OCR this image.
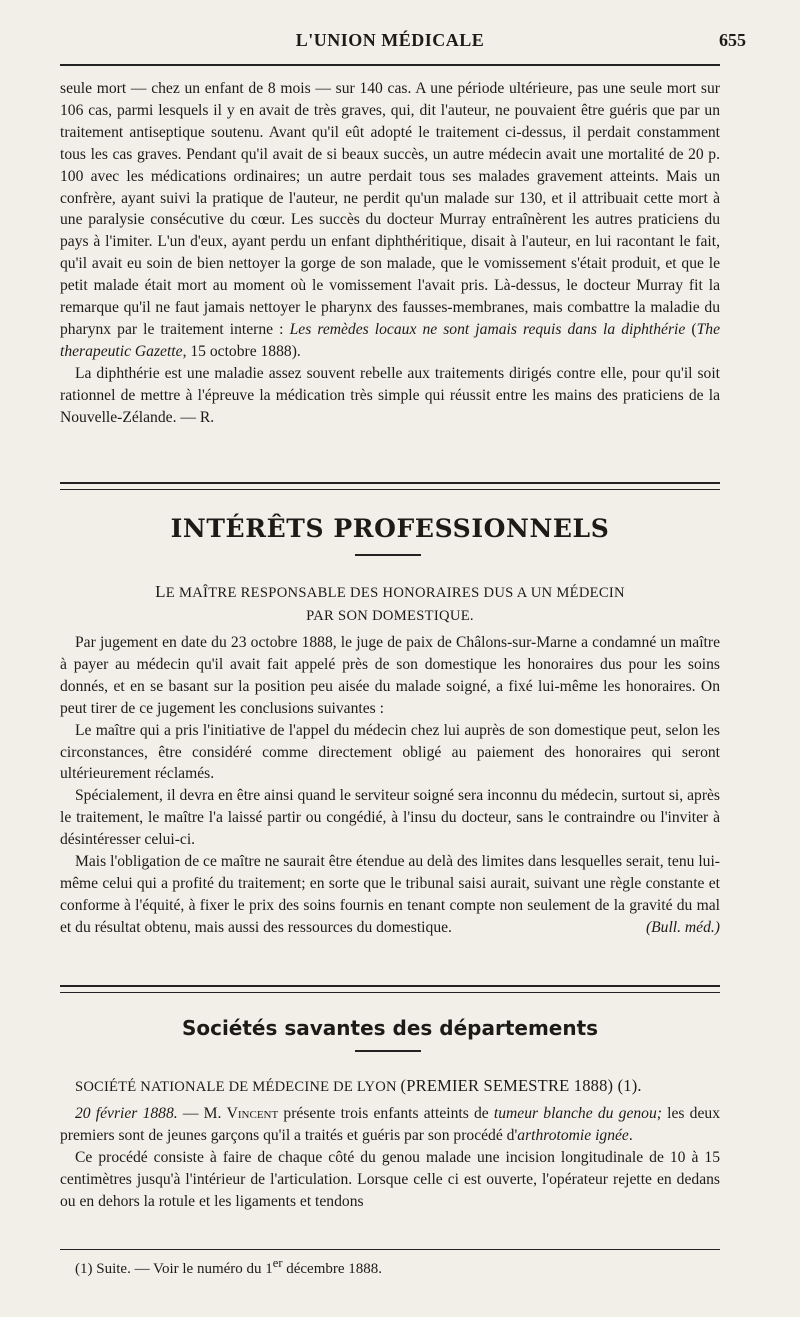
L'UNION MÉDICALE	655

seule mort — chez un enfant de 8 mois — sur 140 cas. A une période ultérieure, pas une seule mort sur 106 cas, parmi lesquels il y en avait de très graves, qui, dit l'auteur, ne pouvaient être guéris que par un traitement antiseptique soutenu. Avant qu'il eût adopté le traitement ci-dessus, il perdait constamment tous les cas graves. Pendant qu'il avait de si beaux succès, un autre médecin avait une mortalité de 20 p. 100 avec les médications ordinaires; un autre perdait tous ses malades gravement atteints. Mais un confrère, ayant suivi la pratique de l'auteur, ne perdit qu'un malade sur 130, et il attribuait cette mort à une paralysie consécutive du cœur. Les succès du docteur Murray entraînèrent les autres praticiens du pays à l'imiter. L'un d'eux, ayant perdu un enfant diphthéritique, disait à l'auteur, en lui racontant le fait, qu'il avait eu soin de bien nettoyer la gorge de son malade, que le vomissement s'était produit, et que le petit malade était mort au moment où le vomissement l'avait pris. Là-dessus, le docteur Murray fit la remarque qu'il ne faut jamais nettoyer le pharynx des fausses-membranes, mais combattre la maladie du pharynx par le traitement interne : Les remèdes locaux ne sont jamais requis dans la diphthérie (The therapeutic Gazette, 15 octobre 1888).

La diphthérie est une maladie assez souvent rebelle aux traitements dirigés contre elle, pour qu'il soit rationnel de mettre à l'épreuve la médication très simple qui réussit entre les mains des praticiens de la Nouvelle-Zélande. — R.

INTÉRÊTS PROFESSIONNELS
LE MAÎTRE RESPONSABLE DES HONORAIRES DUS A UN MÉDECIN
PAR SON DOMESTIQUE.

Par jugement en date du 23 octobre 1888, le juge de paix de Châlons-sur-Marne a condamné un maître à payer au médecin qu'il avait fait appelé près de son domestique les honoraires dus pour les soins donnés, et en se basant sur la position peu aisée du malade soigné, a fixé lui-même les honoraires. On peut tirer de ce jugement les conclusions suivantes :

Le maître qui a pris l'initiative de l'appel du médecin chez lui auprès de son domestique peut, selon les circonstances, être considéré comme directement obligé au paiement des honoraires qui seront ultérieurement réclamés.

Spécialement, il devra en être ainsi quand le serviteur soigné sera inconnu du médecin, surtout si, après le traitement, le maître l'a laissé partir ou congédié, à l'insu du docteur, sans le contraindre ou l'inviter à désintéresser celui-ci.

Mais l'obligation de ce maître ne saurait être étendue au delà des limites dans lesquelles serait, tenu lui-même celui qui a profité du traitement; en sorte que le tribunal saisi aurait, suivant une règle constante et conforme à l'équité, à fixer le prix des soins fournis en tenant compte non seulement de la gravité du mal et du résultat obtenu, mais aussi des ressources du domestique.	(Bull. méd.)

Sociétés savantes des départements
SOCIÉTÉ NATIONALE DE MÉDECINE DE LYON (PREMIER SEMESTRE 1888) (1).

20 février 1888. — M. Vincent présente trois enfants atteints de tumeur blanche du genou; les deux premiers sont de jeunes garçons qu'il a traités et guéris par son procédé d'arthrotomie ignée.

Ce procédé consiste à faire de chaque côté du genou malade une incision longitudinale de 10 à 15 centimètres jusqu'à l'intérieur de l'articulation. Lorsque celle ci est ouverte, l'opérateur rejette en dedans ou en dehors la rotule et les ligaments et tendons

(1) Suite. — Voir le numéro du 1er décembre 1888.
